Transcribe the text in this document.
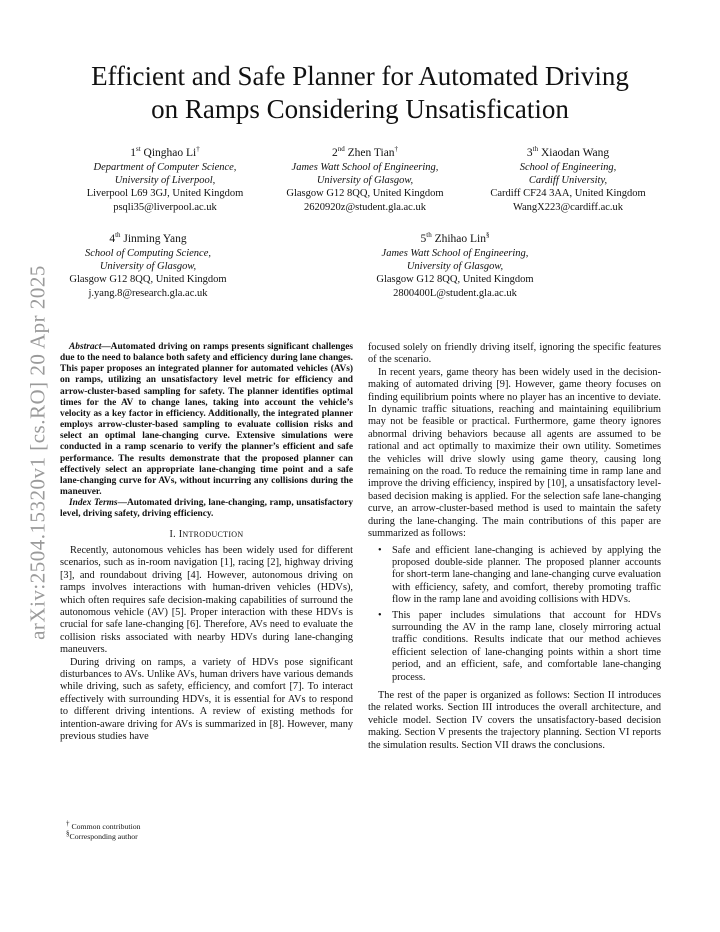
arXiv:2504.15320v1 [cs.RO] 20 Apr 2025
Efficient and Safe Planner for Automated Driving
on Ramps Considering Unsatisfication
1st Qinghao Li†
Department of Computer Science,
University of Liverpool,
Liverpool L69 3GJ, United Kingdom
psqli35@liverpool.ac.uk
2nd Zhen Tian†
James Watt School of Engineering,
University of Glasgow,
Glasgow G12 8QQ, United Kingdom
2620920z@student.gla.ac.uk
3th Xiaodan Wang
School of Engineering,
Cardiff University,
Cardiff CF24 3AA, United Kingdom
WangX223@cardiff.ac.uk
4th Jinming Yang
School of Computing Science,
University of Glasgow,
Glasgow G12 8QQ, United Kingdom
j.yang.8@research.gla.ac.uk
5th Zhihao Lin§
James Watt School of Engineering,
University of Glasgow,
Glasgow G12 8QQ, United Kingdom
2800400L@student.gla.ac.uk

Abstract—Automated driving on ramps presents significant challenges due to the need to balance both safety and efficiency during lane changes. This paper proposes an integrated planner for automated vehicles (AVs) on ramps, utilizing an unsatisfactory level metric for efficiency and arrow-cluster-based sampling for safety. The planner identifies optimal times for the AV to change lanes, taking into account the vehicle’s velocity as a key factor in efficiency. Additionally, the integrated planner employs arrow-cluster-based sampling to evaluate collision risks and select an optimal lane-changing curve. Extensive simulations were conducted in a ramp scenario to verify the planner’s efficient and safe performance. The results demonstrate that the proposed planner can effectively select an appropriate lane-changing time point and a safe lane-changing curve for AVs, without incurring any collisions during the maneuver.

Index Terms—Automated driving, lane-changing, ramp, unsatisfactory level, driving safety, driving efficiency.

I. INTRODUCTION

Recently, autonomous vehicles has been widely used for different scenarios, such as in-room navigation [1], racing [2], highway driving [3], and roundabout driving [4]. However, autonomous driving on ramps involves interactions with human-driven vehicles (HDVs), which often requires safe decision-making capabilities of surround the autonomous vehicle (AV) [5]. Proper interaction with these HDVs is crucial for safe lane-changing [6]. Therefore, AVs need to evaluate the collision risks associated with nearby HDVs during lane-changing maneuvers.

During driving on ramps, a variety of HDVs pose significant disturbances to AVs. Unlike AVs, human drivers have various demands while driving, such as safety, efficiency, and comfort [7]. To interact effectively with surrounding HDVs, it is essential for AVs to respond to different driving intentions. A review of existing methods for intention-aware driving for AVs is summarized in [8]. However, many previous studies have

† Common contribution
§Corresponding author

focused solely on friendly driving itself, ignoring the specific features of the scenario.

In recent years, game theory has been widely used in the decision-making of automated driving [9]. However, game theory focuses on finding equilibrium points where no player has an incentive to deviate. In dynamic traffic situations, reaching and maintaining equilibrium may not be feasible or practical. Furthermore, game theory ignores abnormal driving behaviors because all agents are assumed to be rational and act optimally to maximize their own utility. Sometimes the vehicles will drive slowly using game theory, causing long remaining on the road. To reduce the remaining time in ramp lane and improve the driving efficiency, inspired by [10], a unsatisfactory level-based decision making is applied. For the selection safe lane-changing curve, an arrow-cluster-based method is used to maintain the safety during the lane-changing. The main contributions of this paper are summarized as follows:

• Safe and efficient lane-changing is achieved by applying the proposed double-side planner. The proposed planner accounts for short-term lane-changing and lane-changing curve evaluation with efficiency, safety, and comfort, thereby promoting traffic flow in the ramp lane and avoiding collisions with HDVs.
• This paper includes simulations that account for HDVs surrounding the AV in the ramp lane, closely mirroring actual traffic conditions. Results indicate that our method achieves efficient selection of lane-changing points within a short time period, and an efficient, safe, and comfortable lane-changing process.

The rest of the paper is organized as follows: Section II introduces the related works. Section III introduces the overall architecture, and vehicle model. Section IV covers the unsatisfactory-based decision making. Section V presents the trajectory planning. Section VI reports the simulation results. Section VII draws the conclusions.
